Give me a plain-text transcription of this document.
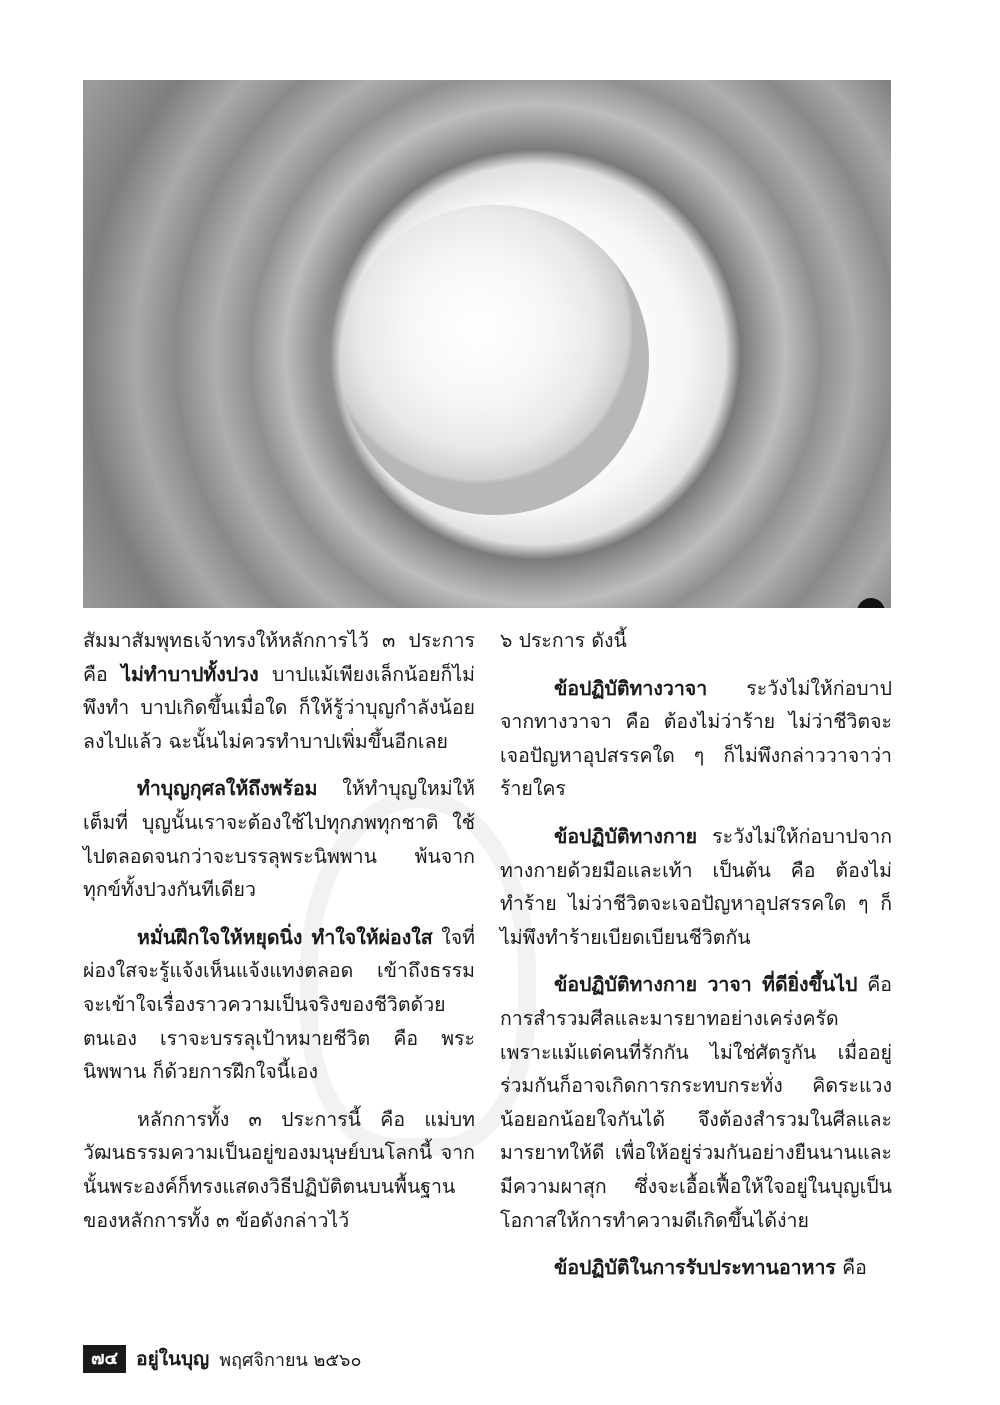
สัมมาสัมพุทธเจ้าทรงให้หลักการไว้ ๓ ประการ คือ ไม่ทำบาปทั้งปวง บาปแม้เพียงเล็กน้อยก็ไม่พึงทำ บาปเกิดขึ้นเมื่อใด ก็ให้รู้ว่าบุญกำลังน้อยลงไปแล้ว ฉะนั้นไม่ควรทำบาปเพิ่มขึ้นอีกเลย

ทำบุญกุศลให้ถึงพร้อม ให้ทำบุญใหม่ให้เต็มที่ บุญนั้นเราจะต้องใช้ไปทุกภพทุกชาติ ใช้ไปตลอดจนกว่าจะบรรลุพระนิพพาน พ้นจากทุกข์ทั้งปวงกันทีเดียว

หมั่นฝึกใจให้หยุดนิ่ง ทำใจให้ผ่องใส ใจที่ผ่องใสจะรู้แจ้งเห็นแจ้งแทงตลอด เข้าถึงธรรม จะเข้าใจเรื่องราวความเป็นจริงของชีวิตด้วยตนเอง เราจะบรรลุเป้าหมายชีวิต คือ พระนิพพาน ก็ด้วยการฝึกใจนี้เอง

หลักการทั้ง ๓ ประการนี้ คือ แม่บทวัฒนธรรมความเป็นอยู่ของมนุษย์บนโลกนี้ จากนั้นพระองค์ก็ทรงแสดงวิธีปฏิบัติตนบนพื้นฐานของหลักการทั้ง ๓ ข้อดังกล่าวไว้

๖ ประการ ดังนี้

ข้อปฏิบัติทางวาจา ระวังไม่ให้ก่อบาปจากทางวาจา คือ ต้องไม่ว่าร้าย ไม่ว่าชีวิตจะเจอปัญหาอุปสรรคใด ๆ ก็ไม่พึงกล่าววาจาว่าร้ายใคร

ข้อปฏิบัติทางกาย ระวังไม่ให้ก่อบาปจากทางกายด้วยมือและเท้า เป็นต้น คือ ต้องไม่ทำร้าย ไม่ว่าชีวิตจะเจอปัญหาอุปสรรคใด ๆ ก็ไม่พึงทำร้ายเบียดเบียนชีวิตกัน

ข้อปฏิบัติทางกาย วาจา ที่ดียิ่งขึ้นไป คือ การสำรวมศีลและมารยาทอย่างเคร่งครัด เพราะแม้แต่คนที่รักกัน ไม่ใช่ศัตรูกัน เมื่ออยู่ร่วมกันก็อาจเกิดการกระทบกระทั่ง คิดระแวงน้อยอกน้อยใจกันได้ จึงต้องสำรวมในศีลและมารยาทให้ดี เพื่อให้อยู่ร่วมกันอย่างยืนนานและมีความผาสุก ซึ่งจะเอื้อเฟื้อให้ใจอยู่ในบุญเป็นโอกาสให้การทำความดีเกิดขึ้นได้ง่าย

ข้อปฏิบัติในการรับประทานอาหาร คือ

๗๔ อยู่ในบุญ พฤศจิกายน ๒๕๖๐
